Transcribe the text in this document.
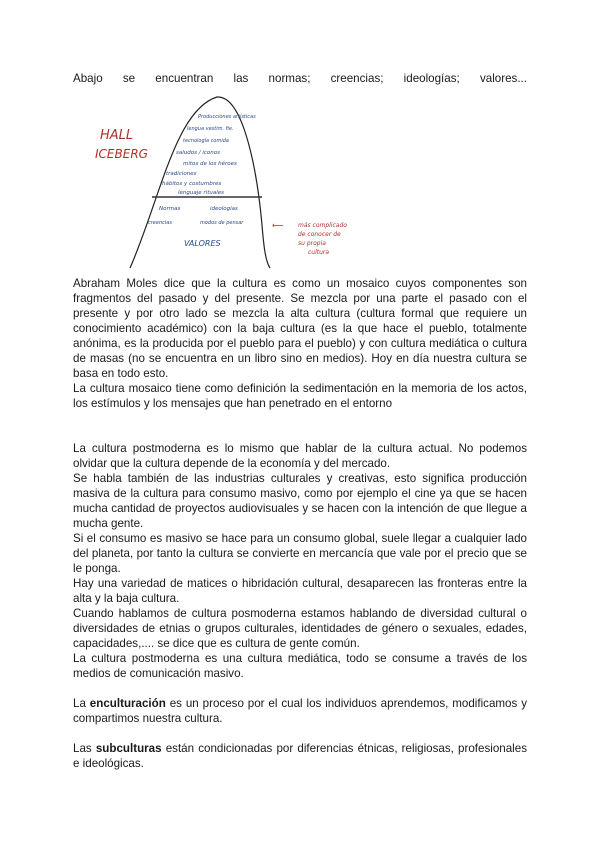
Abajo se encuentran las normas; creencias; ideologías; valores...

HALL
ICEBERG
Producciones artísticas
lengua vestim. fie.
tecnología comida
saludos / iconos
mitos de los héroes
tradiciones
hábitos y costumbres
lenguaje rituales
Normas	ideologías
creencias	modos de pensar
VALORES
⟵ más complicado
de conocer de
su propia
cultura
Abraham Moles dice que la cultura es como un mosaico cuyos componentes son fragmentos del pasado y del presente. Se mezcla por una parte el pasado con el presente y por otro lado se mezcla la alta cultura (cultura formal que requiere un conocimiento académico) con la baja cultura (es la que hace el pueblo, totalmente anónima, es la producida por el pueblo para el pueblo) y con cultura mediática o cultura de masas (no se encuentra en un libro sino en medios). Hoy en día nuestra cultura se basa en todo esto.
La cultura mosaico tiene como definición la sedimentación en la memoria de los actos, los estímulos y los mensajes que han penetrado en el entorno
La cultura postmoderna es lo mismo que hablar de la cultura actual. No podemos olvidar que la cultura depende de la economía y del mercado.
Se habla también de las industrias culturales y creativas, esto significa producción masiva de la cultura para consumo masivo, como por ejemplo el cine ya que se hacen mucha cantidad de proyectos audiovisuales y se hacen con la intención de que llegue a mucha gente.
Si el consumo es masivo se hace para un consumo global, suele llegar a cualquier lado del planeta, por tanto la cultura se convierte en mercancía que vale por el precio que se le ponga.
Hay una variedad de matices o hibridación cultural, desaparecen las fronteras entre la alta y la baja cultura.
Cuando hablamos de cultura posmoderna estamos hablando de diversidad cultural o diversidades de etnias o grupos culturales, identidades de género o sexuales, edades, capacidades,.... se dice que es cultura de gente común.
La cultura postmoderna es una cultura mediática, todo se consume a través de los medios de comunicación masivo.

La enculturación es un proceso por el cual los individuos aprendemos, modificamos y compartimos nuestra cultura.

Las subculturas están condicionadas por diferencias étnicas, religiosas, profesionales e ideológicas.
